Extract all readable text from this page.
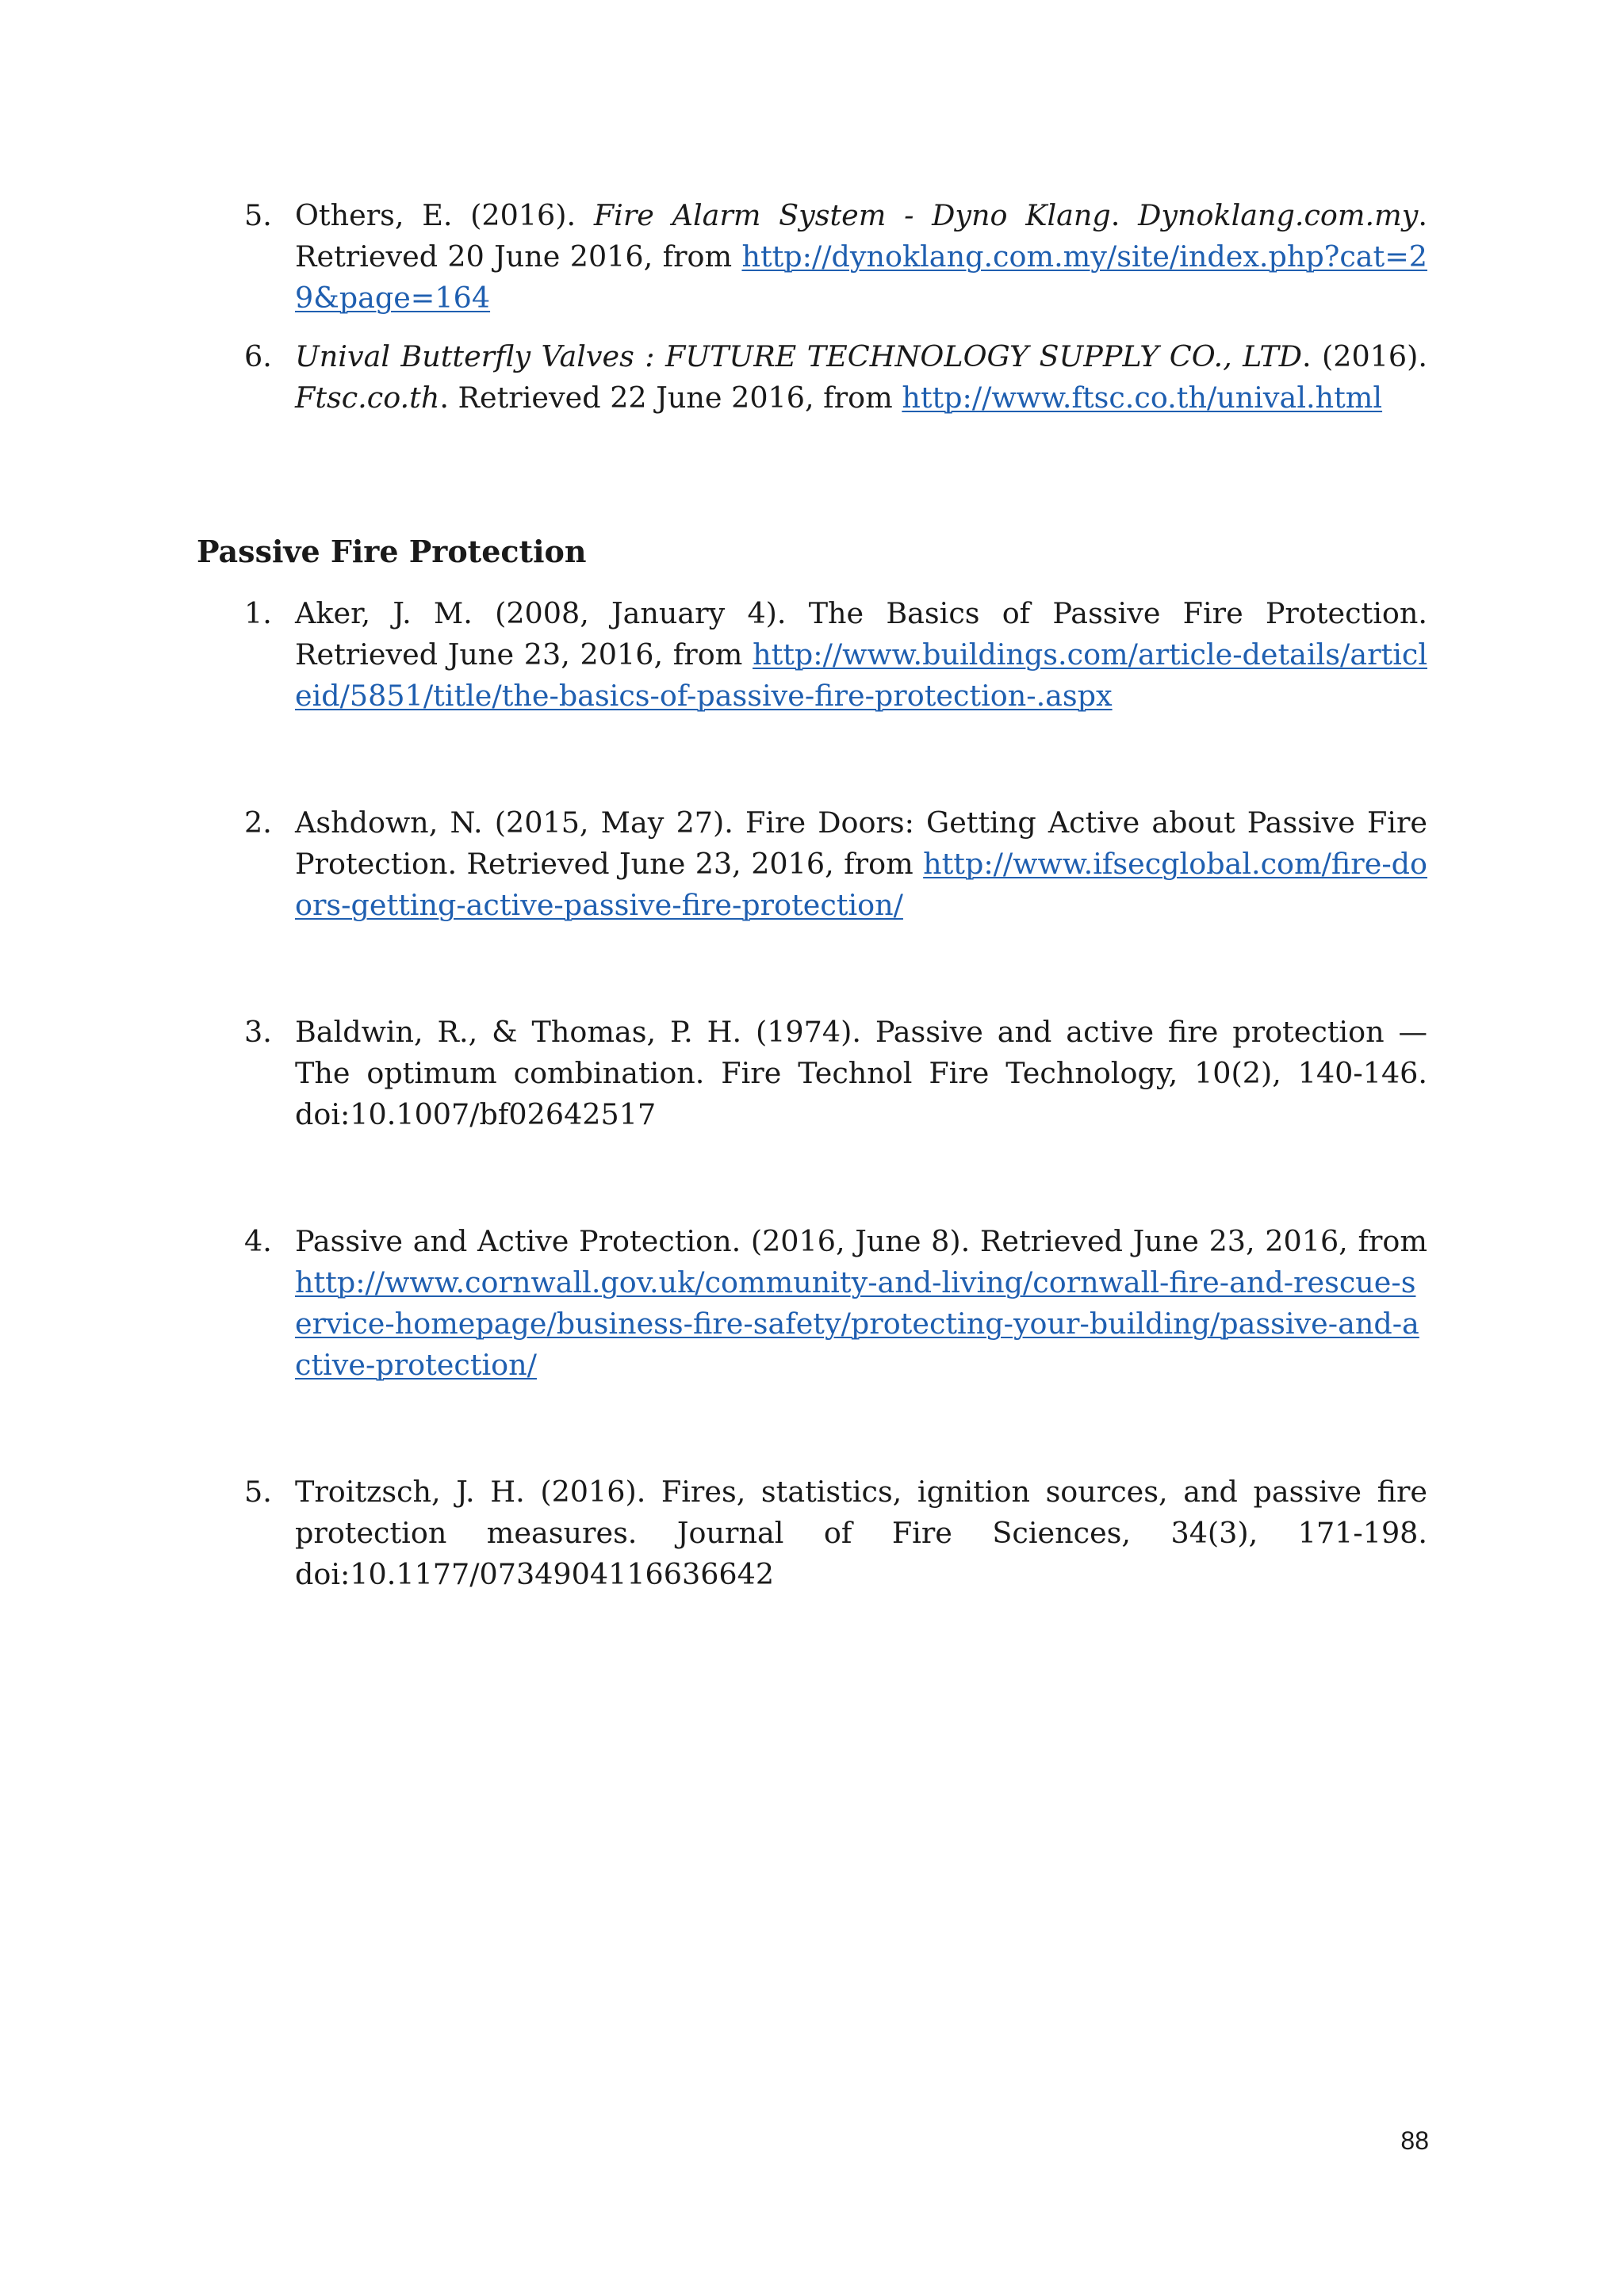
5. Others, E. (2016). Fire Alarm System - Dyno Klang. Dynoklang.com.my. Retrieved 20 June 2016, from http://dynoklang.com.my/site/index.php?cat=29&page=164
6. Unival Butterfly Valves : FUTURE TECHNOLOGY SUPPLY CO., LTD. (2016). Ftsc.co.th. Retrieved 22 June 2016, from http://www.ftsc.co.th/unival.html
Passive Fire Protection
1. Aker, J. M. (2008, January 4). The Basics of Passive Fire Protection. Retrieved June 23, 2016, from http://www.buildings.com/article-details/articleid/5851/title/the-basics-of-passive-fire-protection-.aspx
2. Ashdown, N. (2015, May 27). Fire Doors: Getting Active about Passive Fire Protection. Retrieved June 23, 2016, from http://www.ifsecglobal.com/fire-doors-getting-active-passive-fire-protection/
3. Baldwin, R., & Thomas, P. H. (1974). Passive and active fire protection — The optimum combination. Fire Technol Fire Technology, 10(2), 140-146. doi:10.1007/bf02642517
4. Passive and Active Protection. (2016, June 8). Retrieved June 23, 2016, from http://www.cornwall.gov.uk/community-and-living/cornwall-fire-and-rescue-service-homepage/business-fire-safety/protecting-your-building/passive-and-active-protection/
5. Troitzsch, J. H. (2016). Fires, statistics, ignition sources, and passive fire protection measures. Journal of Fire Sciences, 34(3), 171-198. doi:10.1177/0734904116636642
88
